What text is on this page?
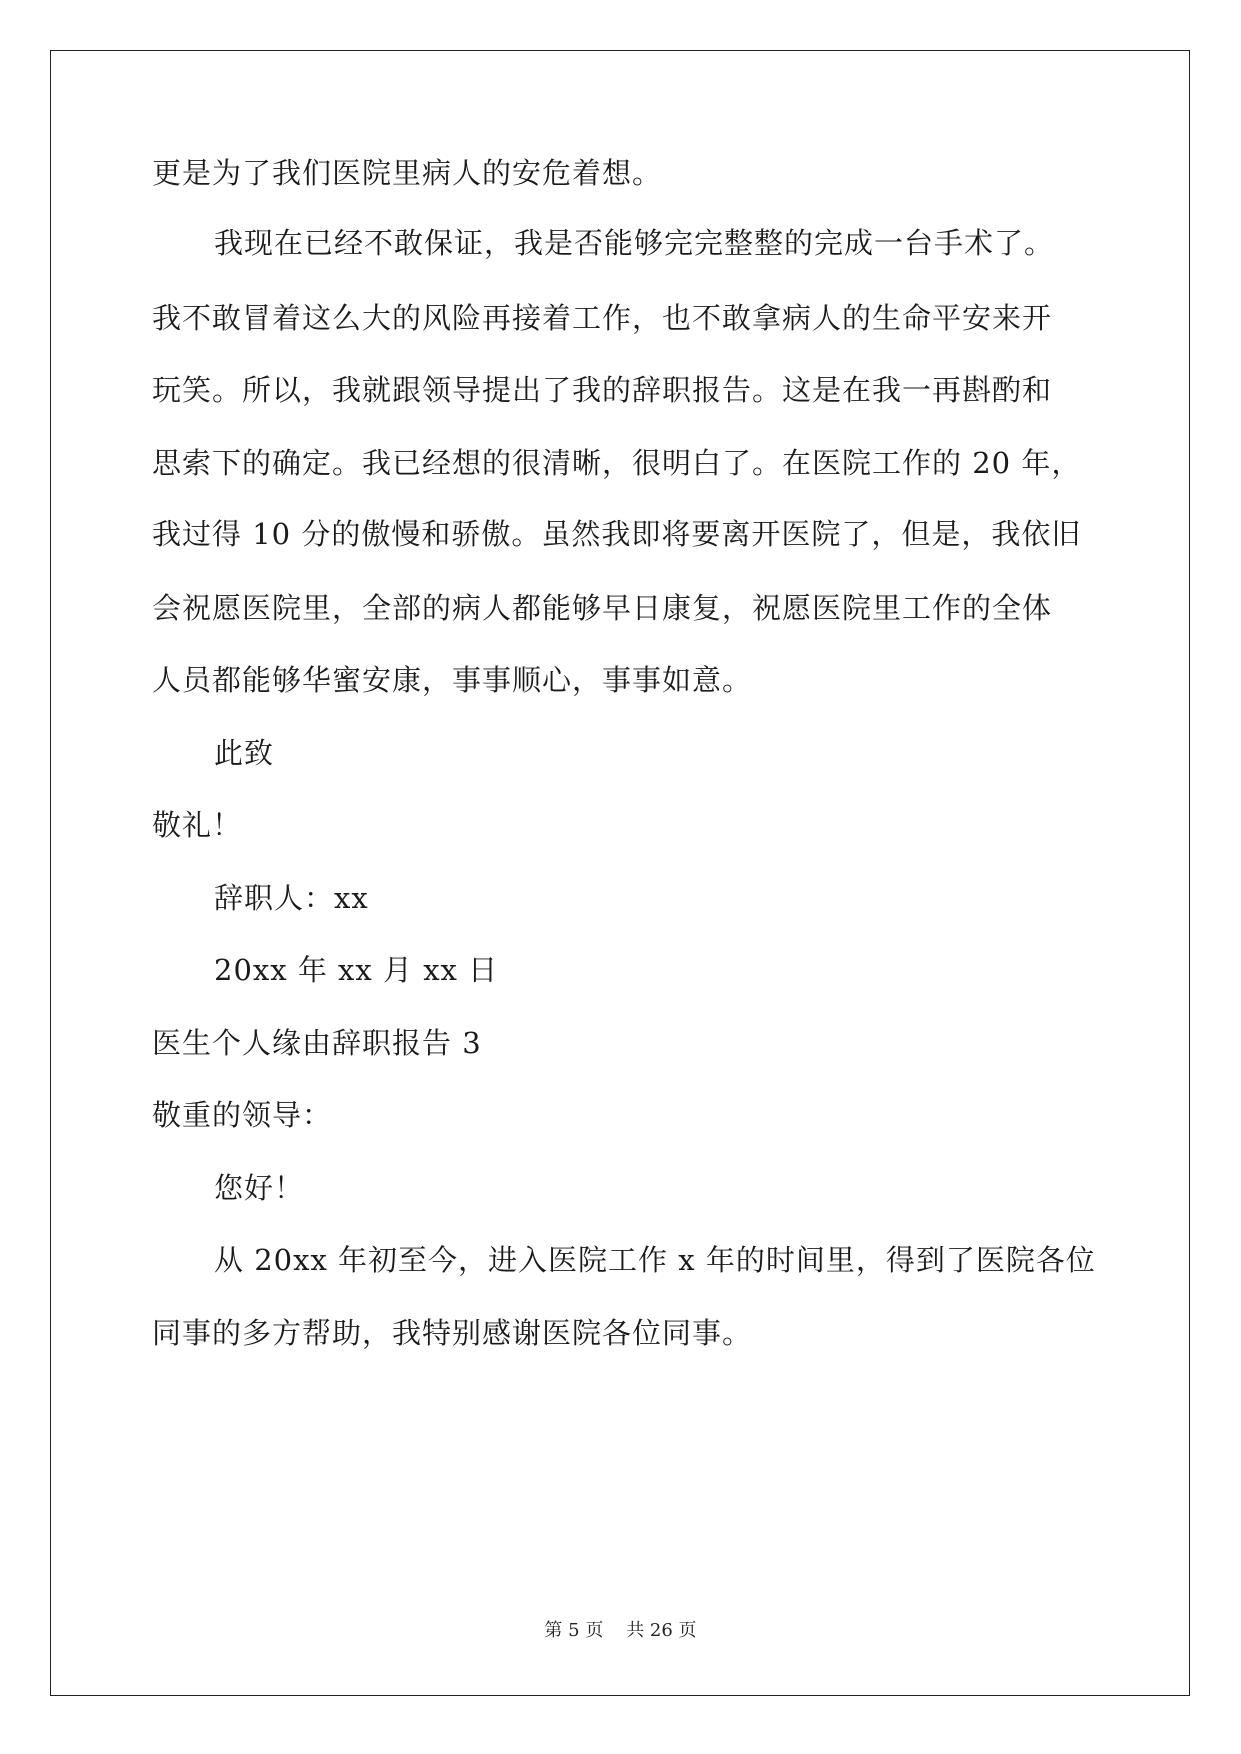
更是为了我们医院里病人的安危着想。
我现在已经不敢保证，我是否能够完完整整的完成一台手术了。
我不敢冒着这么大的风险再接着工作，也不敢拿病人的生命平安来开
玩笑。所以，我就跟领导提出了我的辞职报告。这是在我一再斟酌和
思索下的确定。我已经想的很清晰，很明白了。在医院工作的 20 年，
我过得 10 分的傲慢和骄傲。虽然我即将要离开医院了，但是，我依旧
会祝愿医院里，全部的病人都能够早日康复，祝愿医院里工作的全体
人员都能够华蜜安康，事事顺心，事事如意。
此致
敬礼！
辞职人：xx
20xx 年 xx 月 xx 日
医生个人缘由辞职报告 3
敬重的领导：
您好！
从 20xx 年初至今，进入医院工作 x 年的时间里，得到了医院各位
同事的多方帮助，我特别感谢医院各位同事。
第 5 页    共 26 页
